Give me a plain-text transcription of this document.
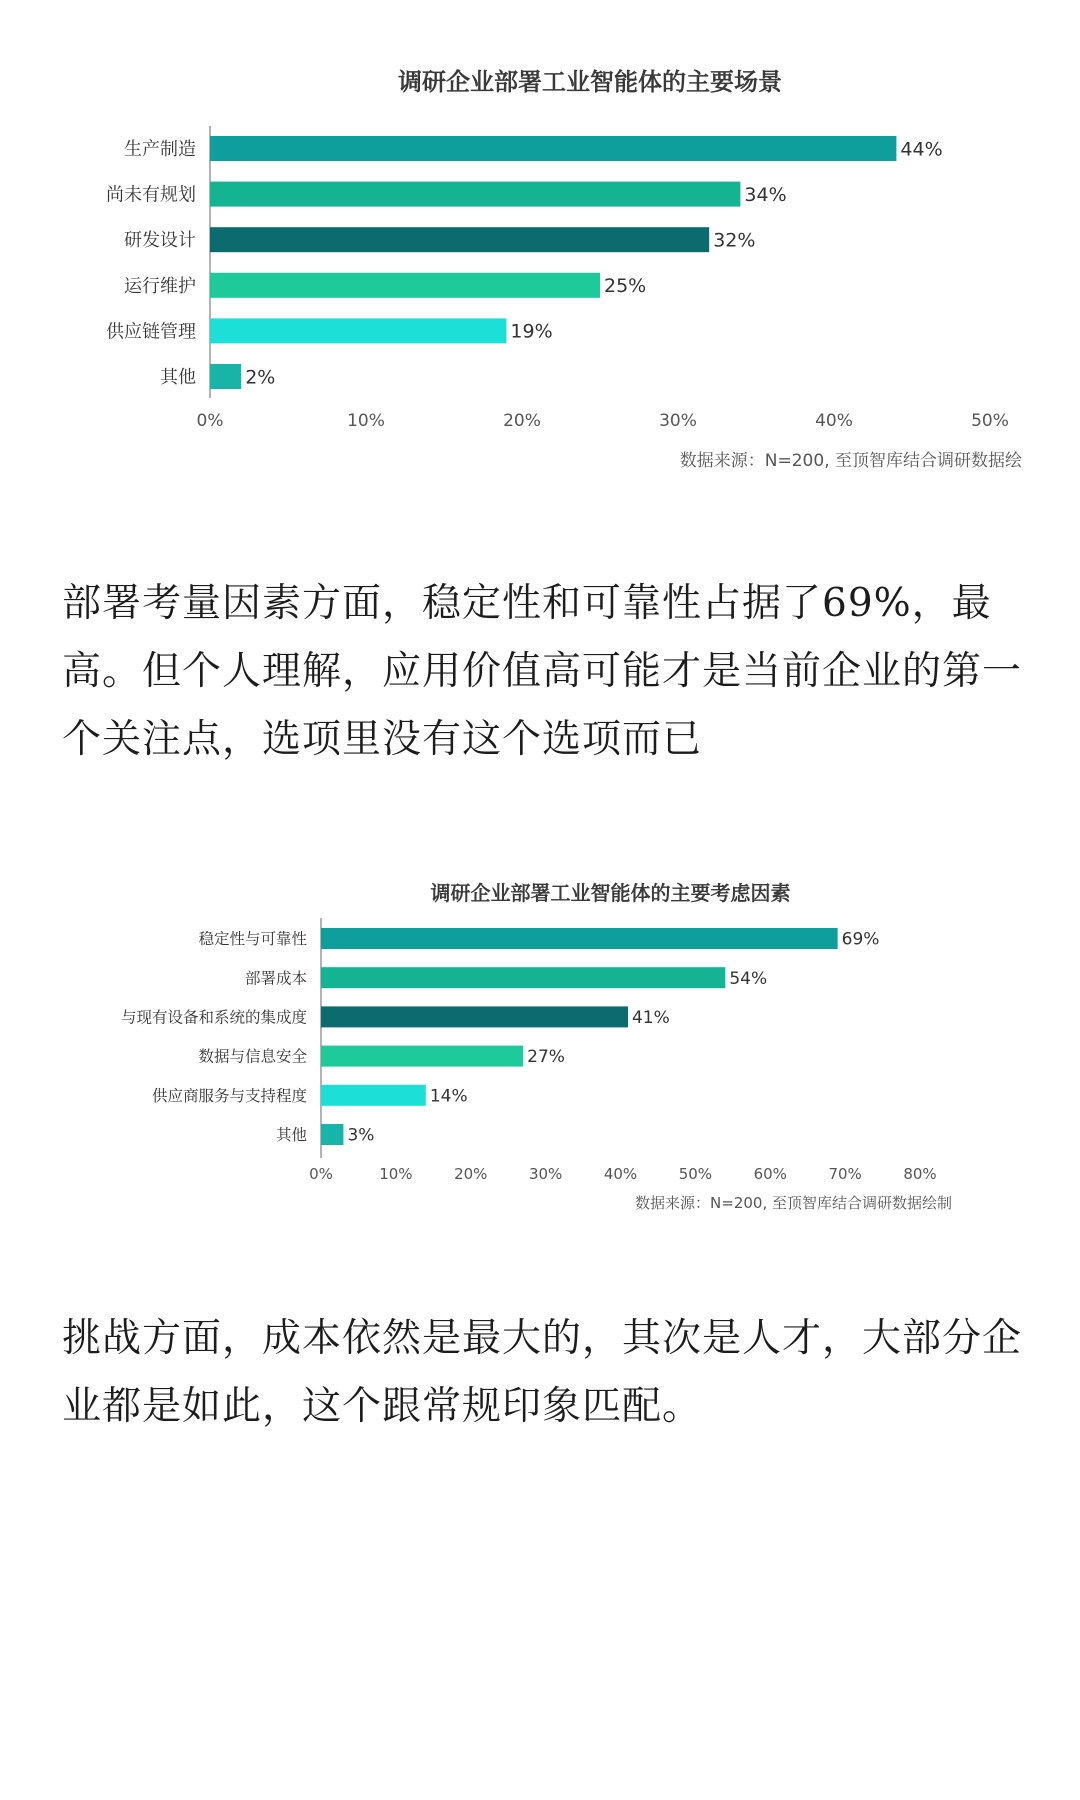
调研企业部署工业智能体的主要场景
生产制造	44%
尚未有规划	34%
研发设计	32%
运行维护	25%
供应链管理	19%
其他	2%
0%	10%	20%	30%	40%	50%
数据来源：N=200, 至顶智库结合调研数据绘

部署考量因素方面，稳定性和可靠性占据了69%，最高。但个人理解，应用价值高可能才是当前企业的第一个关注点，选项里没有这个选项而已

调研企业部署工业智能体的主要考虑因素
稳定性与可靠性	69%
部署成本	54%
与现有设备和系统的集成度	41%
数据与信息安全	27%
供应商服务与支持程度	14%
其他 3%
0%	10%	20%	30%	40%	50%	60%	70%	80%
数据来源：N=200, 至顶智库结合调研数据绘制

挑战方面，成本依然是最大的，其次是人才，大部分企业都是如此，这个跟常规印象匹配。
